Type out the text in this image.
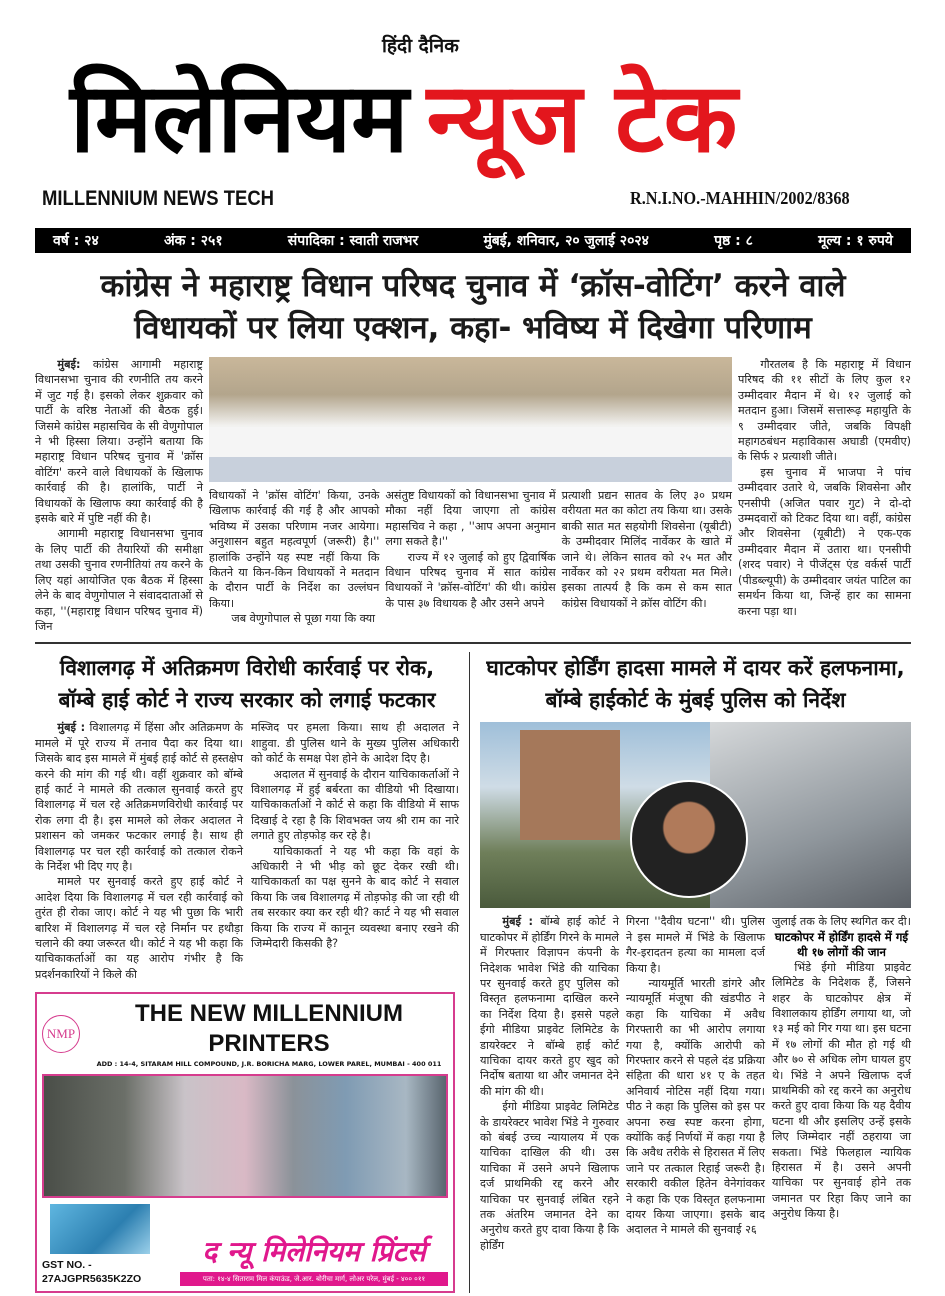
हिंदी दैनिक
मिलेनियम न्यूज टेक
MILLENNIUM NEWS TECH	R.N.I.NO.-MAHHIN/2002/8368
वर्ष : २४	अंक : २५१	संपादिका : स्वाती राजभर	मुंबई, शनिवार, २० जुलाई २०२४	पृष्ठ : ८	मूल्य : १ रुपये
कांग्रेस ने महाराष्ट्र विधान परिषद चुनाव में ‘क्रॉस-वोटिंग’ करने वाले
विधायकों पर लिया एक्शन, कहा- भविष्य में दिखेगा परिणाम

मुंबई: कांग्रेस आगामी महाराष्ट्र विधानसभा चुनाव की रणनीति तय करने में जुट गई है। इसको लेकर शुक्रवार को पार्टी के वरिष्ठ नेताओं की बैठक हुई। जिसमे कांग्रेस महासचिव के सी वेणुगोपाल ने भी हिस्सा लिया। उन्होंने बताया कि महाराष्ट्र विधान परिषद चुनाव में 'क्रॉस वोटिंग' करने वाले विधायकों के खिलाफ कार्रवाई की है। हालांकि, पार्टी ने विधायकों के खिलाफ क्या कार्रवाई की है इसके बारे में पुष्टि नहीं की है।

आगामी महाराष्ट्र विधानसभा चुनाव के लिए पार्टी की तैयारियों की समीक्षा तथा उसकी चुनाव रणनीतियां तय करने के लिए यहां आयोजित एक बैठक में हिस्सा लेने के बाद वेणुगोपाल ने संवाददाताओं से कहा, ''(महाराष्ट्र विधान परिषद चुनाव में) जिन

विधायकों ने 'क्रॉस वोटिंग' किया, उनके खिलाफ कार्रवाई की गई है और आपको भविष्य में उसका परिणाम नजर आयेगा। अनुशासन बहुत महत्वपूर्ण (जरूरी) है।'' हालांकि उन्होंने यह स्पष्ट नहीं किया कि कितने या किन-किन विधायकों ने मतदान के दौरान पार्टी के निर्देश का उल्लंघन किया।

जब वेणुगोपाल से पूछा गया कि क्या

असंतुष्ट विधायकों को विधानसभा चुनाव में मौका नहीं दिया जाएगा तो कांग्रेस महासचिव ने कहा , ''आप अपना अनुमान लगा सकते है।''

राज्य में १२ जुलाई को हुए द्विवार्षिक विधान परिषद चुनाव में सात कांग्रेस विधायकों ने 'क्रॉस-वोटिंग' की थी। कांग्रेस के पास ३७ विधायक है और उसने अपने

प्रत्याशी प्रद्यन सातव के लिए ३० प्रथम वरीयता मत का कोटा तय किया था। उसके बाकी सात मत सहयोगी शिवसेना (यूबीटी) के उम्मीदवार मिलिंद नार्वेकर के खाते में जाने थे। लेकिन सातव को २५ मत और नार्वेकर को २२ प्रथम वरीयता मत मिले। इसका तात्पर्य है कि कम से कम सात कांग्रेस विधायकों ने क्रॉस वोटिंग की।

गौरतलब है कि महाराष्ट्र में विधान परिषद की ११ सीटों के लिए कुल १२ उम्मीदवार मैदान में थे। १२ जुलाई को मतदान हुआ। जिसमें सत्तारूढ़ महायुति के ९ उम्मीदवार जीते, जबकि विपक्षी महागठबंधन महाविकास अघाडी (एमवीए) के सिर्फ २ प्रत्याशी जीते।

इस चुनाव में भाजपा ने पांच उम्मीदवार उतारे थे, जबकि शिवसेना और एनसीपी (अजित पवार गुट) ने दो-दो उम्मदवारों को टिकट दिया था। वहीं, कांग्रेस और शिवसेना (यूबीटी) ने एक-एक उम्मीदवार मैदान में उतारा था। एनसीपी (शरद पवार) ने पीजेंट्स एंड वर्कर्स पार्टी (पीडब्ल्यूपी) के उम्मीदवार जयंत पाटिल का समर्थन किया था, जिन्हें हार का सामना करना पड़ा था।

विशालगढ़ में अतिक्रमण विरोधी कार्रवाई पर रोक,
बॉम्बे हाई कोर्ट ने राज्य सरकार को लगाई फटकार

मुंबई : विशालगढ़ में हिंसा और अतिक्रमण के मामले में पूरे राज्य में तनाव पैदा कर दिया था। जिसके बाद इस मामले में मुंबई हाई कोर्ट से हस्तक्षेप करने की मांग की गई थी। वहीं शुक्रवार को बॉम्बे हाई कार्ट ने मामले की तत्काल सुनवाई करते हुए विशालगढ़ में चल रहे अतिक्रमणविरोधी कार्रवाई पर रोक लगा दी है। इस मामले को लेकर अदालत ने प्रशासन को जमकर फटकार लगाई है। साथ ही विशालगढ़ पर चल रही कार्रवाई को तत्काल रोकने के निर्देश भी दिए गए है।

मामले पर सुनवाई करते हुए हाई कोर्ट ने आदेश दिया कि विशालगढ़ में चल रही कार्रवाई को तुरंत ही रोका जाए। कोर्ट ने यह भी पुछा कि भारी बारिश में विशालगढ़ में चल रहे निर्मान पर हथौड़ा चलाने की क्या जरूरत थी। कोर्ट ने यह भी कहा कि याचिकाकर्ताओं का यह आरोप गंभीर है कि प्रदर्शनकारियों ने किले की

मस्जिद पर हमला किया। साथ ही अदालत ने शाहुवा. डी पुलिस थाने के मुख्य पुलिस अधिकारी को कोर्ट के समक्ष पेश होने के आदेश दिए है।

अदालत में सुनवाई के दौरान याचिकाकर्ताओं ने विशालगढ़ में हुई बर्बरता का वीडियो भी दिखाया। याचिकाकर्ताओं ने कोर्ट से कहा कि वीडियो में साफ दिखाई दे रहा है कि शिवभक्त जय श्री राम का नारे लगाते हुए तोड़फोड़ कर रहे है।

याचिकाकर्ता ने यह भी कहा कि वहां के अधिकारी ने भी भीड़ को छूट देकर रखी थी। याचिकाकर्ता का पक्ष सुनने के बाद कोर्ट ने सवाल किया कि जब विशालगढ़ में तोड़फोड़ की जा रही थी तब सरकार क्या कर रही थी? कार्ट ने यह भी सवाल किया कि राज्य में कानून व्यवस्था बनाए रखने की जिम्मेदारी किसकी है?

NMP
THE NEW MILLENNIUM PRINTERS
ADD : 14-4, SITARAM HILL COMPOUND, J.R. BORICHA MARG, LOWER PAREL, MUMBAI - 400 011
GST NO. - 27AJGPR5635K2ZO
द न्यू मिलेनियम प्रिंटर्स
पता: १४-४ सिताराम मिल कंपाऊंड, जे.आर. बोरीचा मार्ग, लोअर परेल, मुंबई - ४०० ०११
घाटकोपर होर्डिंग हादसा मामले में दायर करें हलफनामा,
बॉम्बे हाईकोर्ट के मुंबई पुलिस को निर्देश

मुंबई : बॉम्बे हाई कोर्ट ने घाटकोपर में होर्डिंग गिरने के मामले में गिरफ्तार विज्ञापन कंपनी के निदेशक भावेश भिंडे की याचिका पर सुनवाई करते हुए पुलिस को विस्तृत हलफनामा दाखिल करने का निर्देश दिया है। इससे पहले ईगो मीडिया प्राइवेट लिमिटेड के डायरेक्टर ने बॉम्बे हाई कोर्ट याचिका दायर करते हुए खुद को निर्दोष बताया था और जमानत देने की मांग की थी।

ईगो मीडिया प्राइवेट लिमिटेड के डायरेक्टर भावेश भिंडे ने गुरुवार को बंबई उच्च न्यायालय में एक याचिका दाखिल की थी। उस याचिका में उसने अपने खिलाफ दर्ज प्राथमिकी रद्द करने और याचिका पर सुनवाई लंबित रहने तक अंतरिम जमानत देने का अनुरोध करते हुए दावा किया है कि होर्डिंग

गिरना ''दैवीय घटना'' थी। पुलिस ने इस मामले में भिंडे के खिलाफ गैर-इरादतन हत्या का मामला दर्ज किया है।

न्यायमूर्ति भारती डांगरे और न्यायमूर्ति मंजूषा की खंडपीठ ने कहा कि याचिका में अवैध गिरफ्तारी का भी आरोप लगाया गया है, क्योंकि आरोपी को गिरफ्तार करने से पहले दंड प्रक्रिया संहिता की धारा ४१ ए के तहत अनिवार्य नोटिस नहीं दिया गया। पीठ ने कहा कि पुलिस को इस पर अपना रुख स्पष्ट करना होगा, क्योंकि कई निर्णयों में कहा गया है कि अवैध तरीके से हिरासत में लिए जाने पर तत्काल रिहाई जरूरी है। सरकारी वकील हितेन वेनेगांवकर ने कहा कि एक विस्तृत हलफनामा दायर किया जाएगा। इसके बाद अदालत ने मामले की सुनवाई २६

जुलाई तक के लिए स्थगित कर दी।

घाटकोपर में होर्डिंग हादसे में गई थी १७ लोगों की जान

भिंडे ईगो मीडिया प्राइवेट लिमिटेड के निदेशक हैं, जिसने शहर के घाटकोपर क्षेत्र में विशालकाय होर्डिंग लगाया था, जो १३ मई को गिर गया था। इस घटना में १७ लोगों की मौत हो गई थी और ७० से अधिक लोग घायल हुए थे। भिंडे ने अपने खिलाफ दर्ज प्राथमिकी को रद्द करने का अनुरोध करते हुए दावा किया कि यह दैवीय घटना थी और इसलिए उन्हें इसके लिए जिम्मेदार नहीं ठहराया जा सकता। भिंडे फिलहाल न्यायिक हिरासत में है। उसने अपनी याचिका पर सुनवाई होने तक जमानत पर रिहा किए जाने का अनुरोध किया है।
